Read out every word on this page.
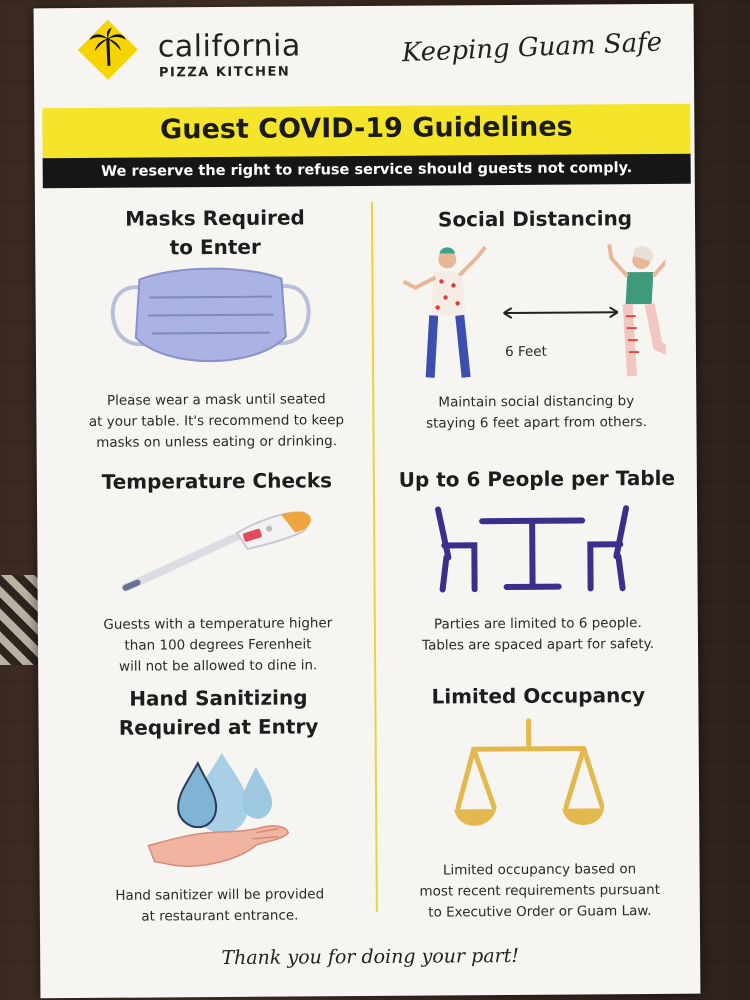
california
PIZZA KITCHEN
Keeping Guam Safe
Guest COVID-19 Guidelines
We reserve the right to refuse service should guests not comply.
Masks Required
to Enter
Please wear a mask until seated
at your table. It's recommend to keep
masks on unless eating or drinking.
Social Distancing
6 Feet
Maintain social distancing by
staying 6 feet apart from others.
Temperature Checks
Guests with a temperature higher
than 100 degrees Ferenheit
will not be allowed to dine in.
Up to 6 People per Table
Parties are limited to 6 people.
Tables are spaced apart for safety.
Hand Sanitizing
Required at Entry
Hand sanitizer will be provided
at restaurant entrance.
Limited Occupancy
Limited occupancy based on
most recent requirements pursuant
to Executive Order or Guam Law.
Thank you for doing your part!
